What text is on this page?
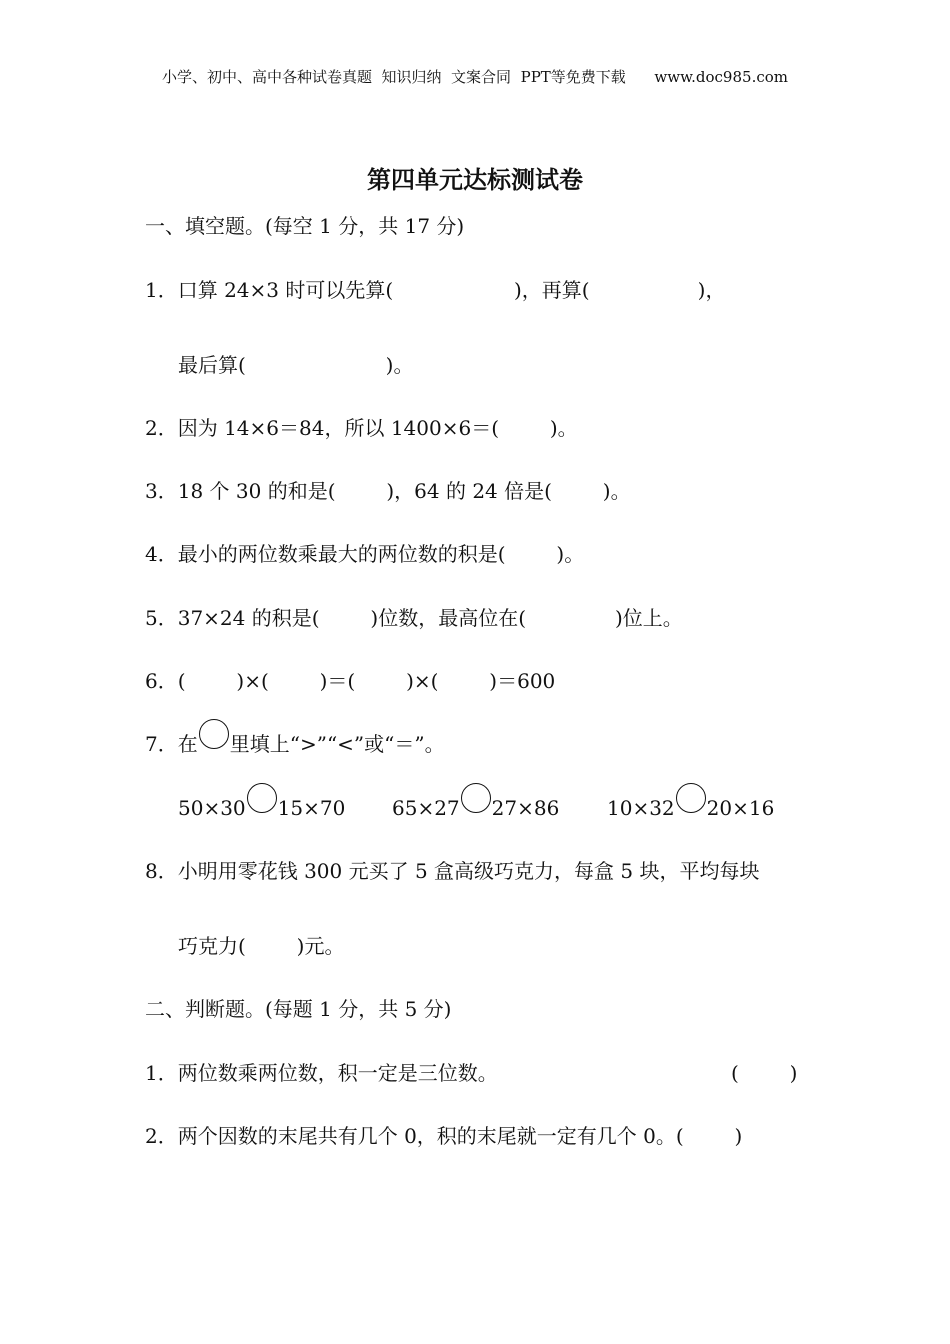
小学、初中、高中各种试卷真题  知识归纳  文案合同  PPT等免费下载      www.doc985.com
第四单元达标测试卷
一、填空题。(每空 1 分，共 17 分)
1．口算 24×3 时可以先算(                   )，再算(                 )，
最后算(                      )。
2．因为 14×6＝84，所以 1400×6＝(        )。
3．18 个 30 的和是(        )，64 的 24 倍是(        )。
4．最小的两位数乘最大的两位数的积是(        )。
5．37×24 的积是(        )位数，最高位在(              )位上。
6．(        )×(        )＝(        )×(        )＝600
7．在 里填上“>”“<”或“＝”。
50×30 15×70 65×27 27×86 10×32 20×16
8．小明用零花钱 300 元买了 5 盒高级巧克力，每盒 5 块，平均每块
巧克力(        )元。
二、判断题。(每题 1 分，共 5 分)
1．两位数乘两位数，积一定是三位数。	(        )
2．两个因数的末尾共有几个 0，积的末尾就一定有几个 0。(        )
